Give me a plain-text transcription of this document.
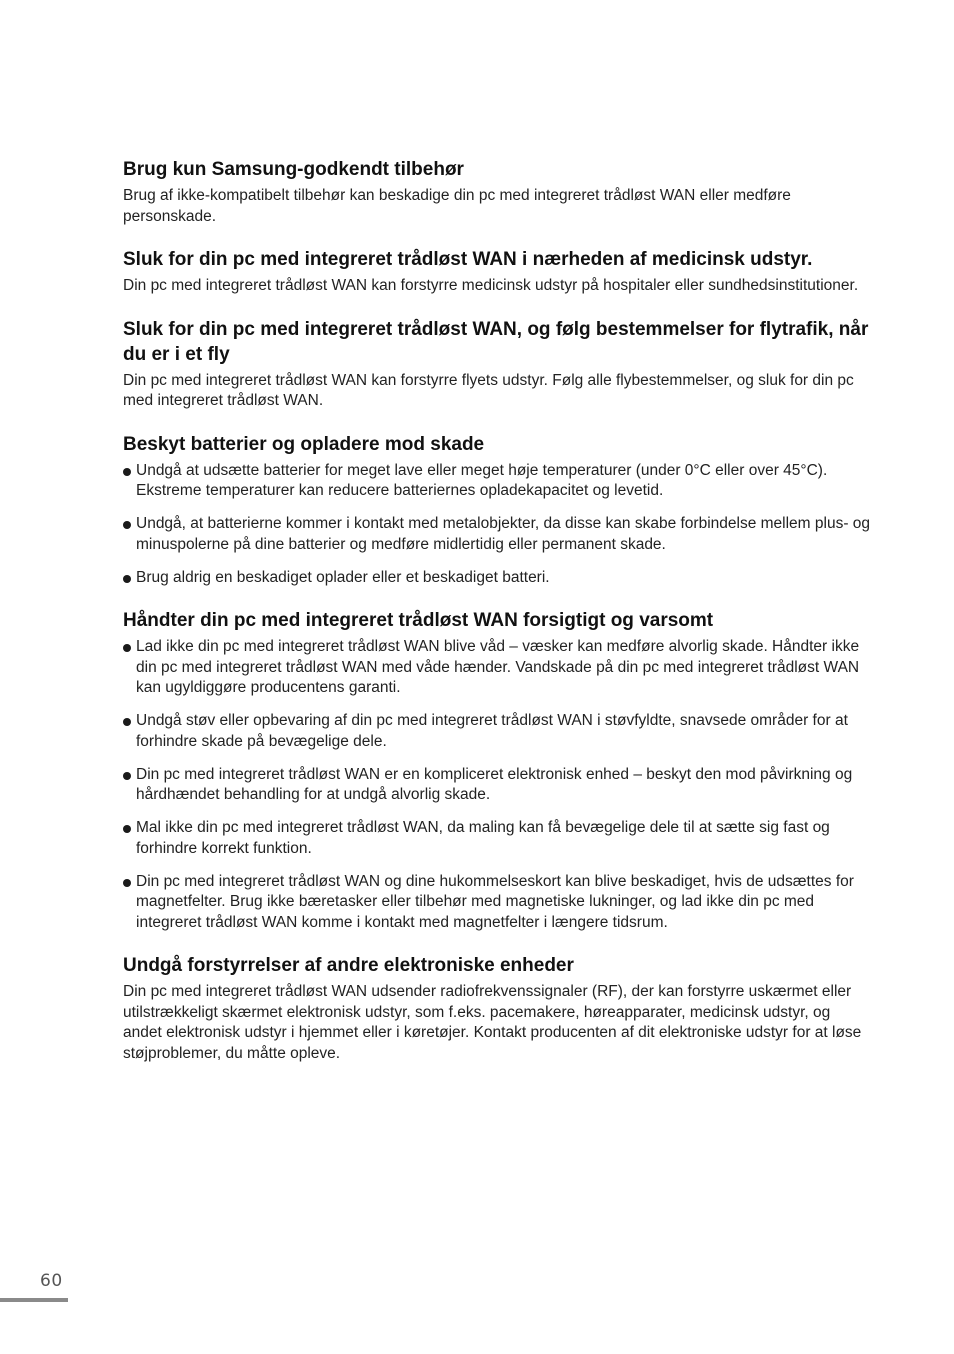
Brug kun Samsung-godkendt tilbehør

Brug af ikke-kompatibelt tilbehør kan beskadige din pc med integreret trådløst WAN eller medføre personskade.

Sluk for din pc med integreret trådløst WAN i nærheden af medicinsk udstyr.

Din pc med integreret trådløst WAN kan forstyrre medicinsk udstyr på hospitaler eller sundhedsinstitutioner.

Sluk for din pc med integreret trådløst WAN, og følg bestemmelser for flytrafik, når du er i et fly

Din pc med integreret trådløst WAN kan forstyrre flyets udstyr. Følg alle flybestemmelser, og sluk for din pc med integreret trådløst WAN.

Beskyt batterier og opladere mod skade
Undgå at udsætte batterier for meget lave eller meget høje temperaturer (under 0°C eller over 45°C). Ekstreme temperaturer kan reducere batteriernes opladekapacitet og levetid.
Undgå, at batterierne kommer i kontakt med metalobjekter, da disse kan skabe forbindelse mellem plus- og minuspolerne på dine batterier og medføre midlertidig eller permanent skade.
Brug aldrig en beskadiget oplader eller et beskadiget batteri.
Håndter din pc med integreret trådløst WAN forsigtigt og varsomt
Lad ikke din pc med integreret trådløst WAN blive våd – væsker kan medføre alvorlig skade. Håndter ikke din pc med integreret trådløst WAN med våde hænder. Vandskade på din pc med integreret trådløst WAN kan ugyldiggøre producentens garanti.
Undgå støv eller opbevaring af din pc med integreret trådløst WAN i støvfyldte, snavsede områder for at forhindre skade på bevægelige dele.
Din pc med integreret trådløst WAN er en kompliceret elektronisk enhed – beskyt den mod påvirkning og hårdhændet behandling for at undgå alvorlig skade.
Mal ikke din pc med integreret trådløst WAN, da maling kan få bevægelige dele til at sætte sig fast og forhindre korrekt funktion.
Din pc med integreret trådløst WAN og dine hukommelseskort kan blive beskadiget, hvis de udsættes for magnetfelter. Brug ikke bæretasker eller tilbehør med magnetiske lukninger, og lad ikke din pc med integreret trådløst WAN komme i kontakt med magnetfelter i længere tidsrum.
Undgå forstyrrelser af andre elektroniske enheder

Din pc med integreret trådløst WAN udsender radiofrekvenssignaler (RF), der kan forstyrre uskærmet eller utilstrækkeligt skærmet elektronisk udstyr, som f.eks. pacemakere, høreapparater, medicinsk udstyr, og andet elektronisk udstyr i hjemmet eller i køretøjer. Kontakt producenten af dit elektroniske udstyr for at løse støjproblemer, du måtte opleve.

60
